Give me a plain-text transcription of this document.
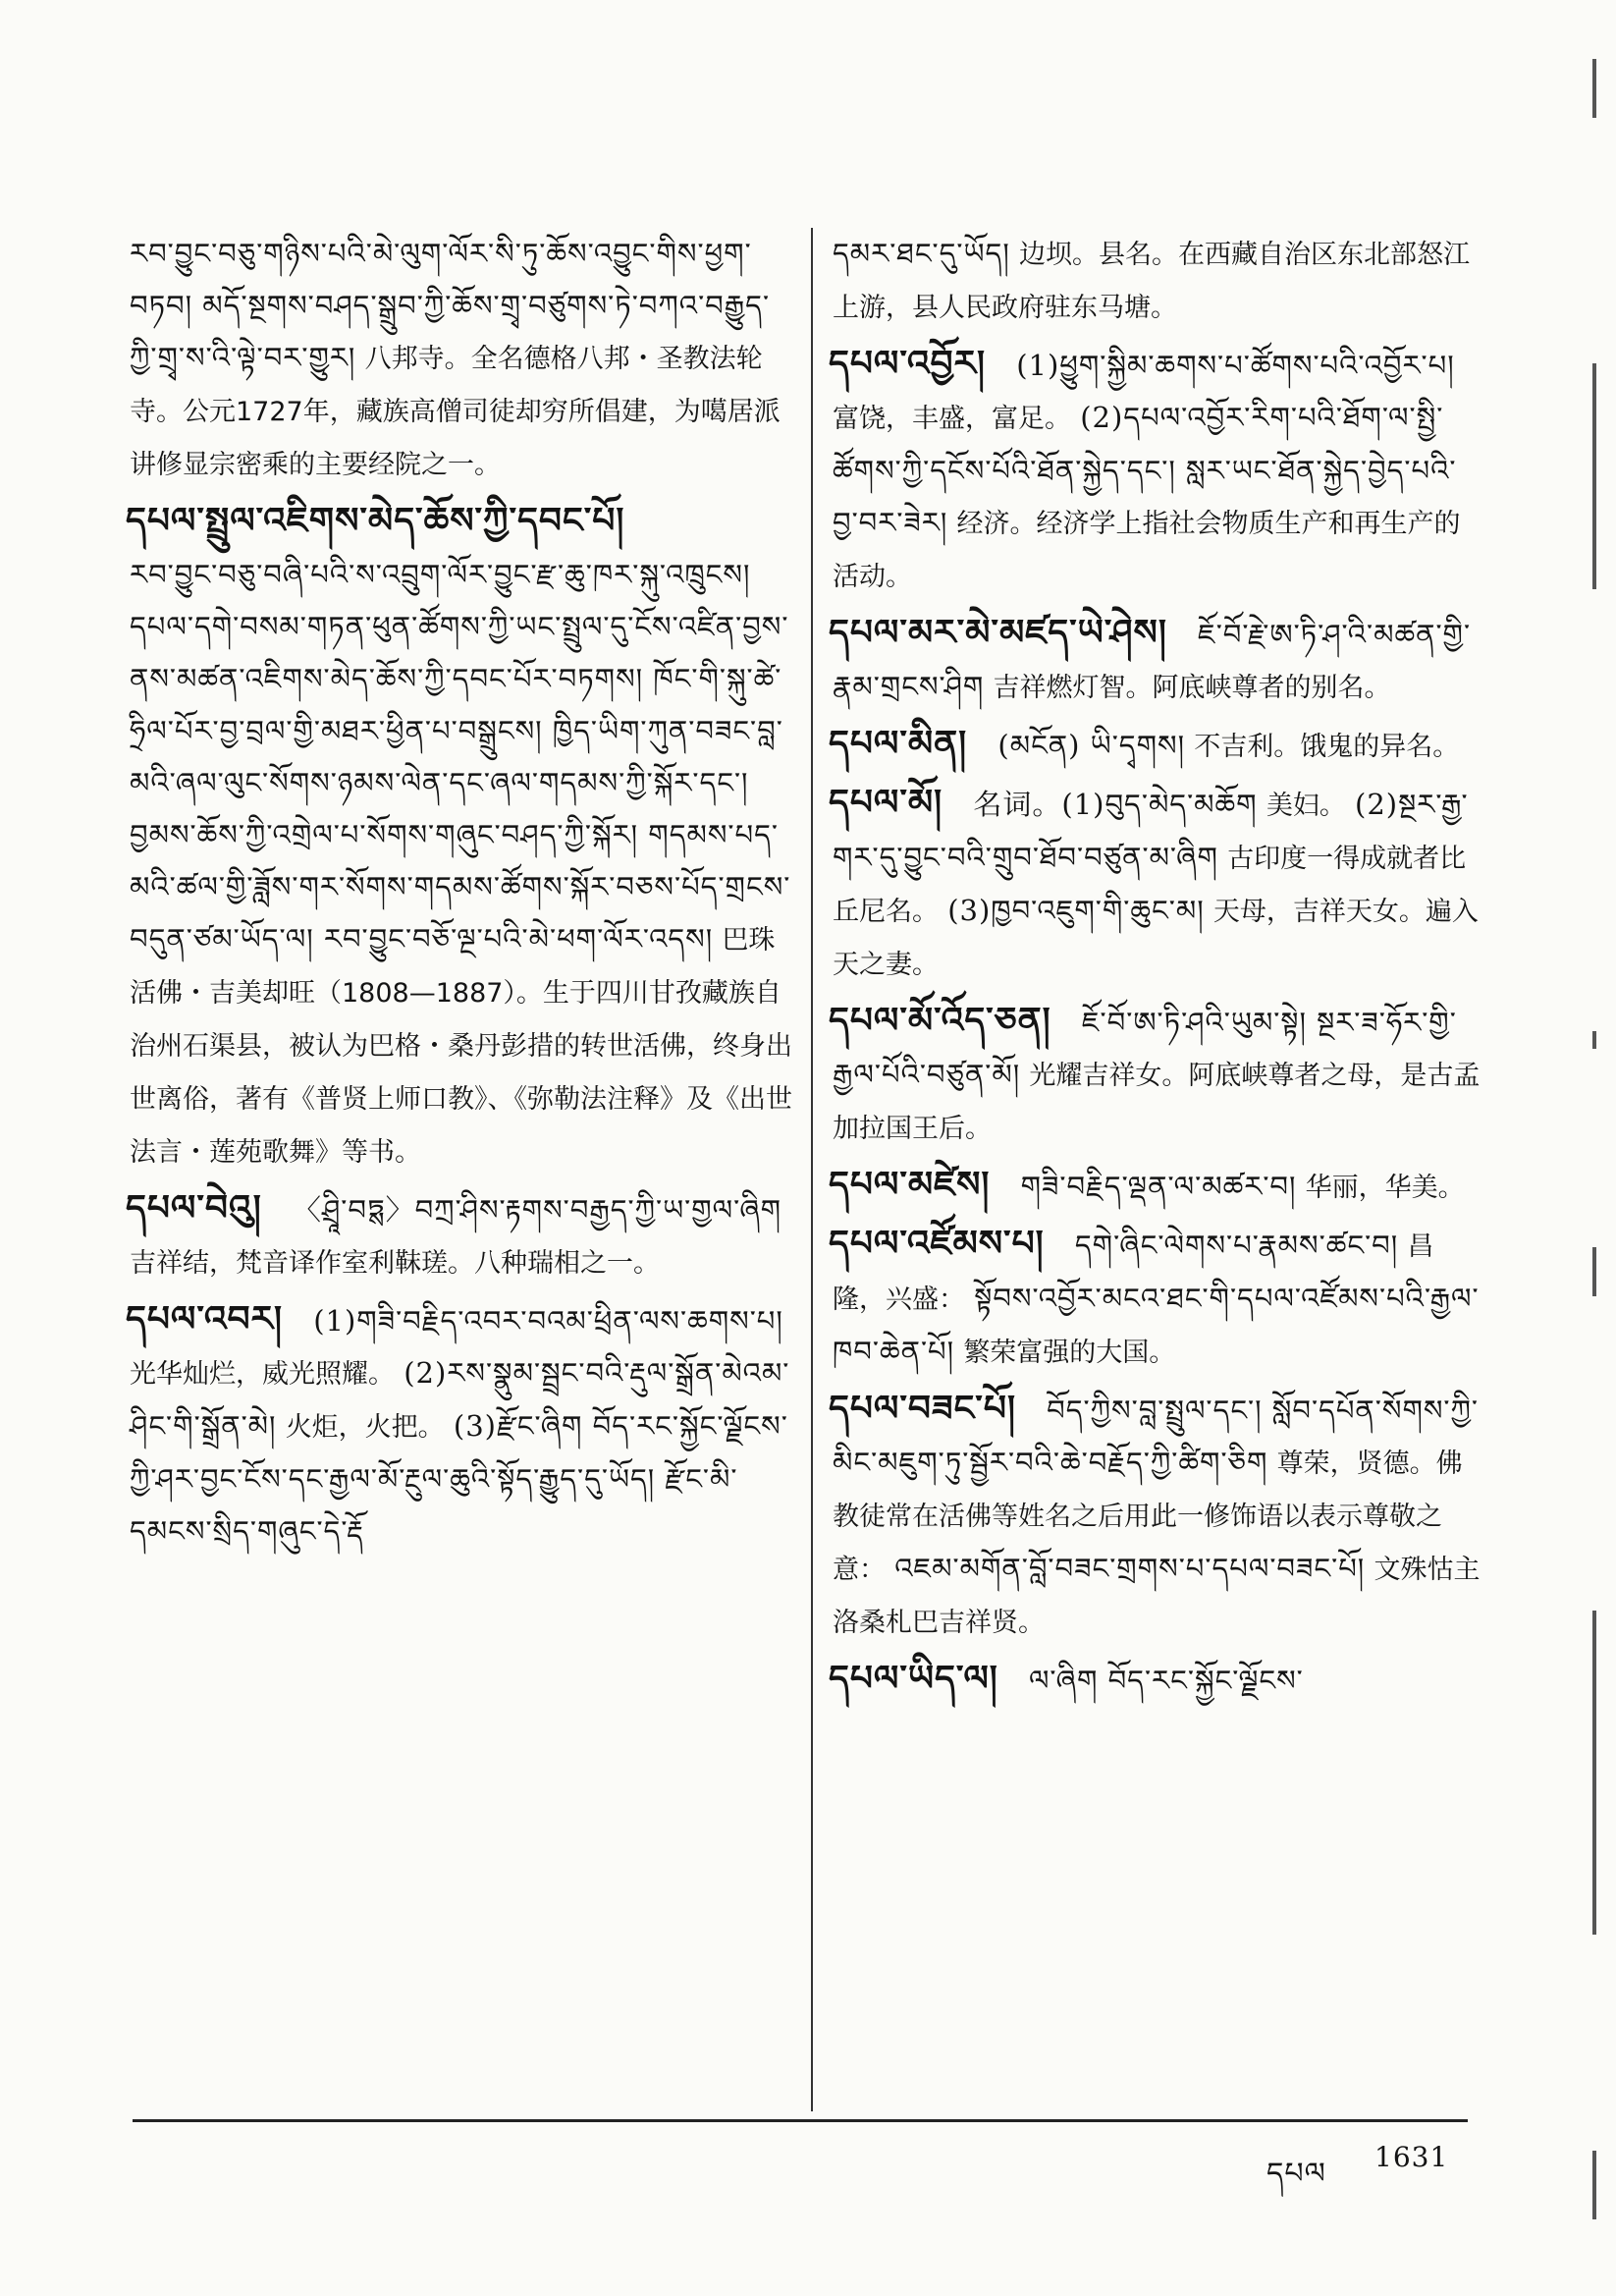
རབ་བྱུང་བཅུ་གཉིས་པའི་མེ་ལུག་ལོར་སི་ཏུ་ཆོས་འབྱུང་གིས་ཕྱག་བཏབ། མདོ་སྔགས་བཤད་སྒྲུབ་ཀྱི་ཆོས་གྲྭ་བཙུགས་ཏེ་བཀའ་བརྒྱུད་ཀྱི་གྲྭ་ས་འི་ལྟེ་བར་གྱུར། 八邦寺。全名德格八邦・圣教法轮寺。公元1727年，藏族高僧司徒却穷所倡建，为噶居派讲修显宗密乘的主要经院之一。

དཔལ་སྤྲུལ་འཇིགས་མེད་ཆོས་ཀྱི་དབང་པོ།
རབ་བྱུང་བཅུ་བཞི་པའི་ས་འབྲུག་ལོར་བྱུང་རྫ་ཆུ་ཁར་སྐུ་འཁྲུངས། དཔལ་དགེ་བསམ་གཏན་ཕུན་ཚོགས་ཀྱི་ཡང་སྤྲུལ་དུ་ངོས་འཛིན་བྱས་ནས་མཚན་འཇིགས་མེད་ཆོས་ཀྱི་དབང་པོར་བཏགས། ཁོང་གི་སྐུ་ཚེ་ཧྲིལ་པོར་བྱ་བྲལ་གྱི་མཐར་ཕྱིན་པ་བསྒྲུངས། ཁྱིད་ཡིག་ཀུན་བཟང་བླ་མའི་ཞལ་ལུང་སོགས་ཉམས་ལེན་དང་ཞལ་གདམས་ཀྱི་སྐོར་དང་། བྱམས་ཆོས་ཀྱི་འགྲེལ་པ་སོགས་གཞུང་བཤད་ཀྱི་སྐོར། གདམས་པད་མའི་ཚལ་གྱི་ཟློས་གར་སོགས་གདམས་ཚོགས་སྐོར་བཅས་པོད་གྲངས་བདུན་ཙམ་ཡོད་ལ། རབ་བྱུང་བཅོ་ལྔ་པའི་མེ་ཕག་ལོར་འདས། 巴珠活佛・吉美却旺（1808—1887）。生于四川甘孜藏族自治州石渠县，被认为巴格・桑丹彭措的转世活佛，终身出世离俗，著有《普贤上师口教》、《弥勒法注释》及《出世法言・莲苑歌舞》等书。

དཔལ་བེའུ། 〈ཤྲཱི་བཏྶ〉བཀྲ་ཤིས་རྟགས་བརྒྱད་ཀྱི་ཡ་གྱལ་ཞིག 吉祥结，梵音译作室利靺瑳。八种瑞相之一。

དཔལ་འབར། (1)གཟི་བརྗིད་འབར་བའམ་ཕྲིན་ལས་ཆགས་པ། 光华灿烂，威光照耀。 (2)རས་སྣུམ་སྦྲང་བའི་རྡུལ་སྒྲོན་མེའམ་ཤིང་གི་སྒྲོན་མེ། 火炬，火把。 (3)རྫོང་ཞིག བོད་རང་སྐྱོང་ལྗོངས་ཀྱི་ཤར་བྱང་ངོས་དང་རྒྱལ་མོ་རྔུལ་ཆུའི་སྟོད་རྒྱུད་དུ་ཡོད། རྫོང་མི་དམངས་སྲིད་གཞུང་དེ་རྡོ

དམར་ཐང་དུ་ཡོད། 边坝。县名。在西藏自治区东北部怒江上游，县人民政府驻东马塘。

དཔལ་འབྱོར། (1)ཕྱུག་སྐྱིམ་ཆགས་པ་ཚོགས་པའི་འབྱོར་པ། 富饶，丰盛，富足。 (2)དཔལ་འབྱོར་རིག་པའི་ཐོག་ལ་སྤྱི་ཚོགས་ཀྱི་དངོས་པོའི་ཐོན་སྐྱེད་དང་། སླར་ཡང་ཐོན་སྐྱེད་བྱེད་པའི་བྱ་བར་ཟེར། 经济。经济学上指社会物质生产和再生产的活动。

དཔལ་མར་མེ་མཛད་ཡེ་ཤེས། ཇོ་བོ་རྗེ་ཨ་ཏི་ཤ་འི་མཚན་གྱི་རྣམ་གྲངས་ཤིག 吉祥燃灯智。阿底峡尊者的别名。

དཔལ་མིན། (མངོན) ཡི་དྭགས། 不吉利。饿鬼的异名。

དཔལ་མོ། 名词。(1)བུད་མེད་མཆོག 美妇。 (2)སྔར་རྒྱ་གར་དུ་བྱུང་བའི་གྲུབ་ཐོབ་བཙུན་མ་ཞིག 古印度一得成就者比丘尼名。 (3)ཁྱབ་འཇུག་གི་ཆུང་མ། 天母，吉祥天女。遍入天之妻。

དཔལ་མོ་འོད་ཅན། ཇོ་བོ་ཨ་ཏི་ཤའི་ཡུམ་སྟེ། སྔར་ཟ་ཧོར་གྱི་རྒྱལ་པོའི་བཙུན་མོ། 光耀吉祥女。阿底峡尊者之母，是古孟加拉国王后。

དཔལ་མཛེས། གཟི་བརྗིད་ལྡན་ལ་མཚར་བ། 华丽，华美。

དཔལ་འཛོམས་པ། དགེ་ཞིང་ལེགས་པ་རྣམས་ཚང་བ། 昌隆，兴盛： སྟོབས་འབྱོར་མངའ་ཐང་གི་དཔལ་འཛོམས་པའི་རྒྱལ་ཁབ་ཆེན་པོ། 繁荣富强的大国。

དཔལ་བཟང་པོ། བོད་ཀྱིས་བླ་སྤྲུལ་དང་། སློབ་དཔོན་སོགས་ཀྱི་མིང་མཇུག་ཏུ་སྦྱོར་བའི་ཆེ་བརྗོད་ཀྱི་ཚིག་ཅིག 尊荣，贤德。佛教徒常在活佛等姓名之后用此一修饰语以表示尊敬之意： འཇམ་མགོན་བློ་བཟང་གྲགས་པ་དཔལ་བཟང་པོ། 文殊怙主洛桑札巴吉祥贤。

དཔལ་ཡིད་ལ། ལ་ཞིག བོད་རང་སྐྱོང་ལྗོངས་

དཔལ 1631
